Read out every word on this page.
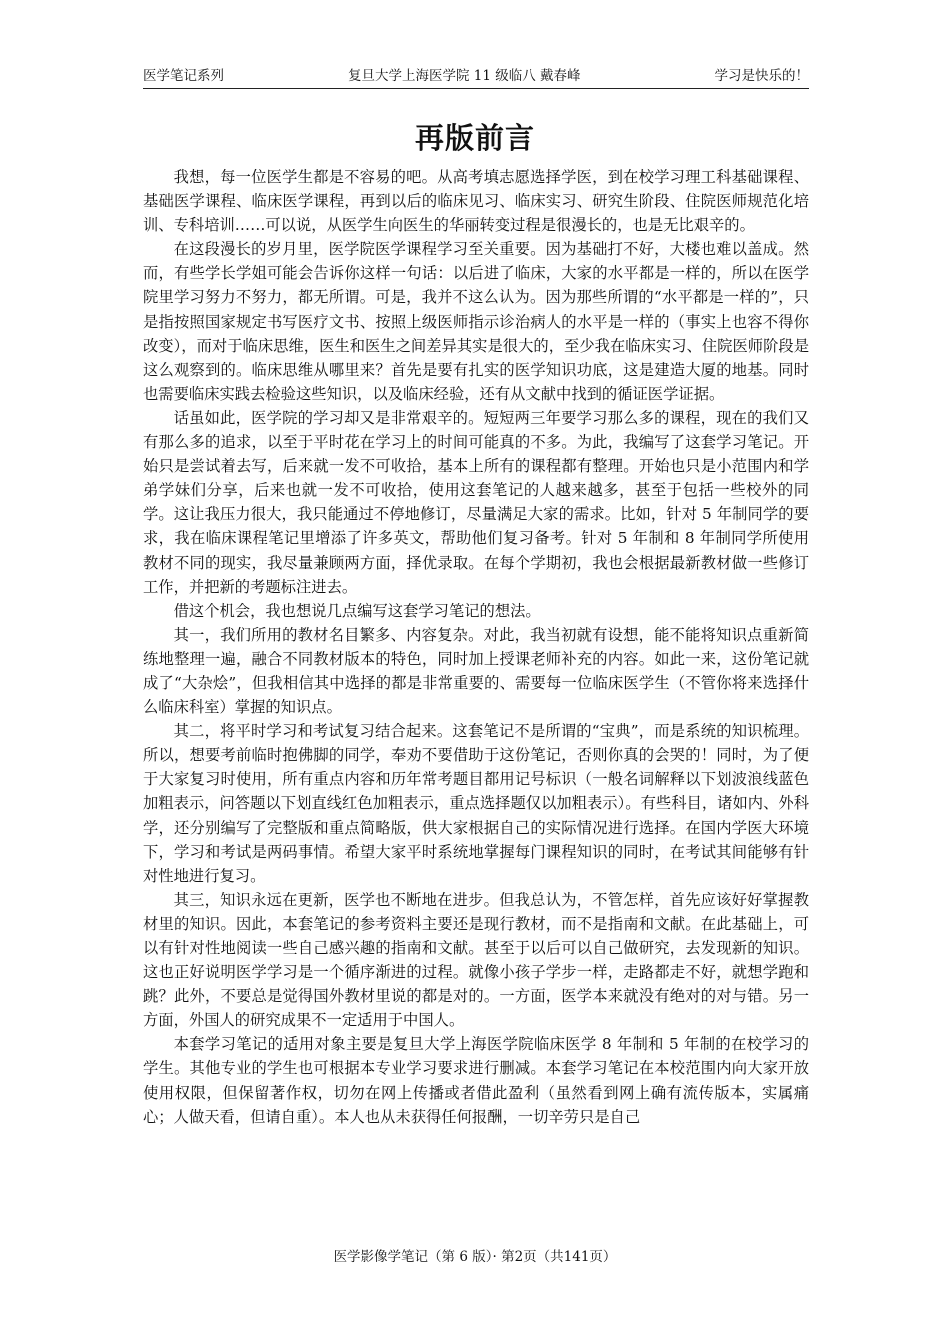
医学笔记系列	复旦大学上海医学院 11 级临八 戴春峰	学习是快乐的！
再版前言

我想，每一位医学生都是不容易的吧。从高考填志愿选择学医，到在校学习理工科基础课程、基础医学课程、临床医学课程，再到以后的临床见习、临床实习、研究生阶段、住院医师规范化培训、专科培训……可以说，从医学生向医生的华丽转变过程是很漫长的，也是无比艰辛的。

在这段漫长的岁月里，医学院医学课程学习至关重要。因为基础打不好，大楼也难以盖成。然而，有些学长学姐可能会告诉你这样一句话：以后进了临床，大家的水平都是一样的，所以在医学院里学习努力不努力，都无所谓。可是，我并不这么认为。因为那些所谓的“水平都是一样的”，只是指按照国家规定书写医疗文书、按照上级医师指示诊治病人的水平是一样的（事实上也容不得你改变），而对于临床思维，医生和医生之间差异其实是很大的，至少我在临床实习、住院医师阶段是这么观察到的。临床思维从哪里来？首先是要有扎实的医学知识功底，这是建造大厦的地基。同时也需要临床实践去检验这些知识，以及临床经验，还有从文献中找到的循证医学证据。

话虽如此，医学院的学习却又是非常艰辛的。短短两三年要学习那么多的课程，现在的我们又有那么多的追求，以至于平时花在学习上的时间可能真的不多。为此，我编写了这套学习笔记。开始只是尝试着去写，后来就一发不可收拾，基本上所有的课程都有整理。开始也只是小范围内和学弟学妹们分享，后来也就一发不可收拾，使用这套笔记的人越来越多，甚至于包括一些校外的同学。这让我压力很大，我只能通过不停地修订，尽量满足大家的需求。比如，针对 5 年制同学的要求，我在临床课程笔记里增添了许多英文，帮助他们复习备考。针对 5 年制和 8 年制同学所使用教材不同的现实，我尽量兼顾两方面，择优录取。在每个学期初，我也会根据最新教材做一些修订工作，并把新的考题标注进去。

借这个机会，我也想说几点编写这套学习笔记的想法。

其一，我们所用的教材名目繁多、内容复杂。对此，我当初就有设想，能不能将知识点重新简练地整理一遍，融合不同教材版本的特色，同时加上授课老师补充的内容。如此一来，这份笔记就成了“大杂烩”，但我相信其中选择的都是非常重要的、需要每一位临床医学生（不管你将来选择什么临床科室）掌握的知识点。

其二，将平时学习和考试复习结合起来。这套笔记不是所谓的“宝典”，而是系统的知识梳理。所以，想要考前临时抱佛脚的同学，奉劝不要借助于这份笔记，否则你真的会哭的！同时，为了便于大家复习时使用，所有重点内容和历年常考题目都用记号标识（一般名词解释以下划波浪线蓝色加粗表示，问答题以下划直线红色加粗表示，重点选择题仅以加粗表示）。有些科目，诸如内、外科学，还分别编写了完整版和重点简略版，供大家根据自己的实际情况进行选择。在国内学医大环境下，学习和考试是两码事情。希望大家平时系统地掌握每门课程知识的同时，在考试其间能够有针对性地进行复习。

其三，知识永远在更新，医学也不断地在进步。但我总认为，不管怎样，首先应该好好掌握教材里的知识。因此，本套笔记的参考资料主要还是现行教材，而不是指南和文献。在此基础上，可以有针对性地阅读一些自己感兴趣的指南和文献。甚至于以后可以自己做研究，去发现新的知识。这也正好说明医学学习是一个循序渐进的过程。就像小孩子学步一样，走路都走不好，就想学跑和跳？此外，不要总是觉得国外教材里说的都是对的。一方面，医学本来就没有绝对的对与错。另一方面，外国人的研究成果不一定适用于中国人。

本套学习笔记的适用对象主要是复旦大学上海医学院临床医学 8 年制和 5 年制的在校学习的学生。其他专业的学生也可根据本专业学习要求进行删减。本套学习笔记在本校范围内向大家开放使用权限，但保留著作权，切勿在网上传播或者借此盈利（虽然看到网上确有流传版本，实属痛心；人做天看，但请自重）。本人也从未获得任何报酬，一切辛劳只是自己

医学影像学笔记（第 6 版）· 第2页（共141页）
